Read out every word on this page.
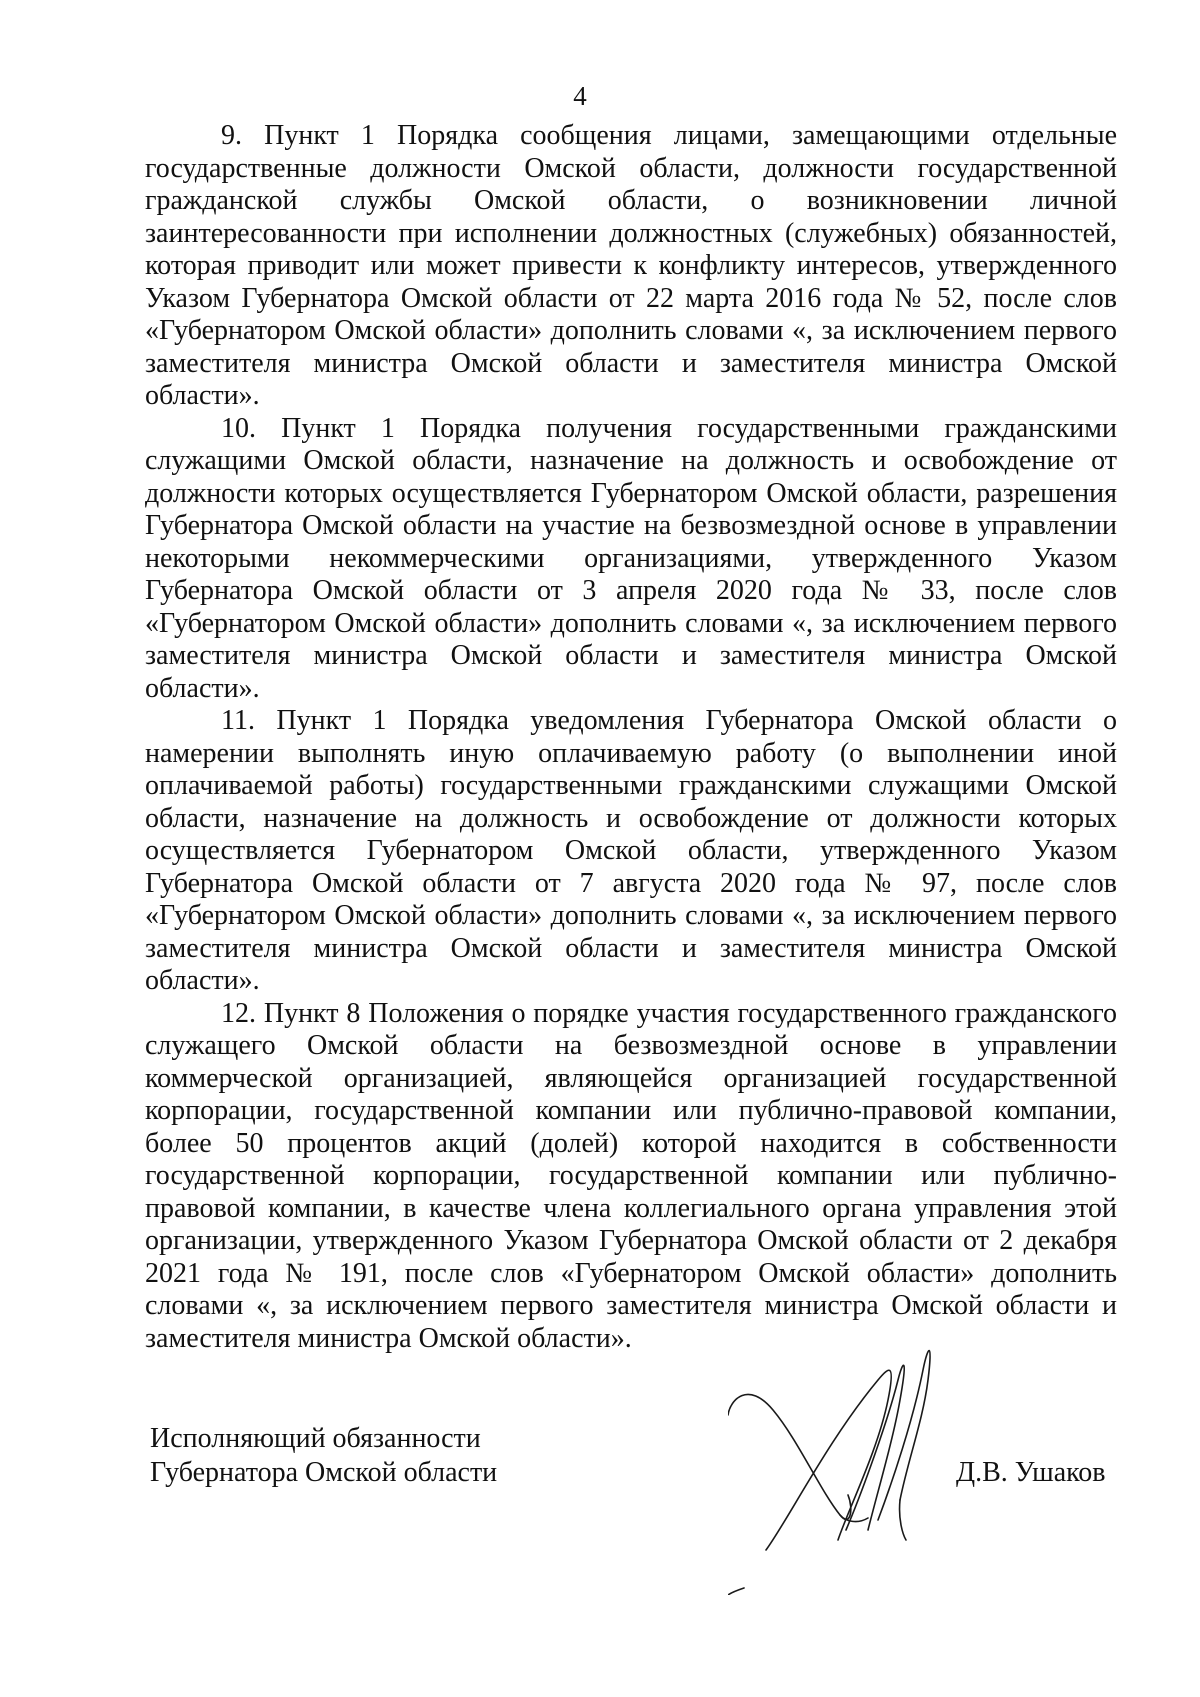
4

9. Пункт 1 Порядка сообщения лицами, замещающими отдельные государственные должности Омской области, должности государственной гражданской службы Омской области, о возникновении личной заинтересованности при исполнении должностных (служебных) обязанностей, которая приводит или может привести к конфликту интересов, утвержденного Указом Губернатора Омской области от 22 марта 2016 года № 52, после слов «Губернатором Омской области» дополнить словами «, за исключением первого заместителя министра Омской области и заместителя министра Омской области».

10. Пункт 1 Порядка получения государственными гражданскими служащими Омской области, назначение на должность и освобождение от должности которых осуществляется Губернатором Омской области, разрешения Губернатора Омской области на участие на безвозмездной основе в управлении некоторыми некоммерческими организациями, утвержденного Указом Губернатора Омской области от 3 апреля 2020 года № 33, после слов «Губернатором Омской области» дополнить словами «, за исключением первого заместителя министра Омской области и заместителя министра Омской области».

11. Пункт 1 Порядка уведомления Губернатора Омской области о намерении выполнять иную оплачиваемую работу (о выполнении иной оплачиваемой работы) государственными гражданскими служащими Омской области, назначение на должность и освобождение от должности которых осуществляется Губернатором Омской области, утвержденного Указом Губернатора Омской области от 7 августа 2020 года № 97, после слов «Губернатором Омской области» дополнить словами «, за исключением первого заместителя министра Омской области и заместителя министра Омской области».

12. Пункт 8 Положения о порядке участия государственного гражданского служащего Омской области на безвозмездной основе в управлении коммерческой организацией, являющейся организацией государственной корпорации, государственной компании или публично-правовой компании, более 50 процентов акций (долей) которой находится в собственности государственной корпорации, государственной компании или публично-правовой компании, в качестве члена коллегиального органа управления этой организации, утвержденного Указом Губернатора Омской области от 2 декабря 2021 года № 191, после слов «Губернатором Омской области» дополнить словами «, за исключением первого заместителя министра Омской области и заместителя министра Омской области».

Исполняющий обязанности
Губернатора Омской области	Д.В. Ушаков
